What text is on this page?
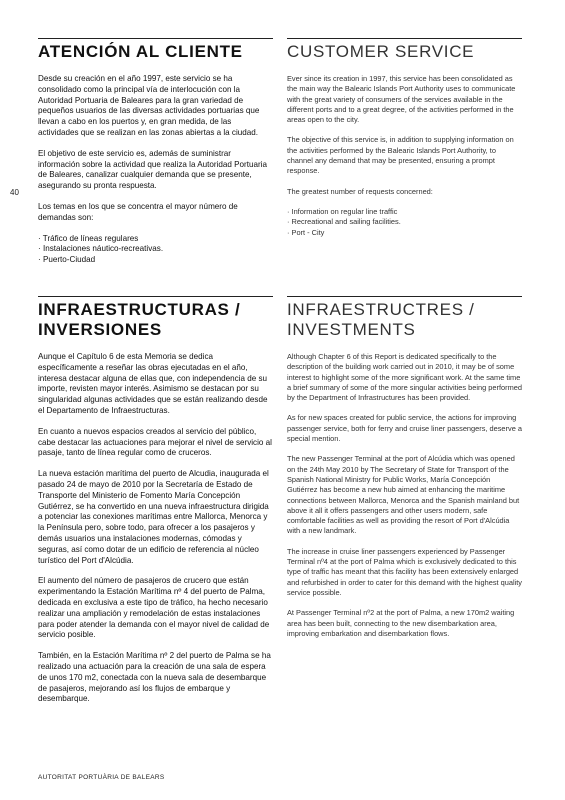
40
ATENCIÓN AL CLIENTE

Desde su creación en el año 1997, este servicio se ha consolidado como la principal vía de interlocución con la Autoridad Portuaria de Baleares para la gran variedad de pequeños usuarios de las diversas actividades portuarias que llevan a cabo en los puertos y, en gran medida, de las actividades que se realizan en las zonas abiertas a la ciudad.

El objetivo de este servicio es, además de suministrar información sobre la actividad que realiza la Autoridad Portuaria de Baleares, canalizar cualquier demanda que se presente, asegurando su pronta respuesta.

Los temas en los que se concentra el mayor número de demandas son:

· Tráfico de líneas regulares
· Instalaciones náutico-recreativas.
· Puerto-Ciudad
CUSTOMER SERVICE

Ever since its creation in 1997, this service has been consolidated as the main way the Balearic Islands Port Authority uses to communicate with the great variety of consumers of the services available in the different ports and to a great degree, of the activities performed in the areas open to the city.

The objective of this service is, in addition to supplying information on the activities performed by the Balearic Islands Port Authority, to channel any demand that may be presented, ensuring a prompt response.

The greatest number of requests concerned:

· Information on regular line traffic
· Recreational and sailing facilities.
· Port - City
INFRAESTRUCTURAS / INVERSIONES

Aunque el Capítulo 6 de esta Memoria se dedica específicamente a reseñar las obras ejecutadas en el año, interesa destacar alguna de ellas que, con independencia de su importe, revisten mayor interés. Asimismo se destacan por su singularidad algunas actividades que se están realizando desde el Departamento de Infraestructuras.

En cuanto a nuevos espacios creados al servicio del público, cabe destacar las actuaciones para mejorar el nivel de servicio al pasaje, tanto de línea regular como de cruceros.

La nueva estación marítima del puerto de Alcudia, inaugurada el pasado 24 de mayo de 2010 por la Secretaría de Estado de Transporte del Ministerio de Fomento María Concepción Gutiérrez, se ha convertido en una nueva infraestructura dirigida a potenciar las conexiones marítimas entre Mallorca, Menorca y la Península pero, sobre todo, para ofrecer a los pasajeros y demás usuarios una instalaciones modernas, cómodas y seguras, así como dotar de un edificio de referencia al núcleo turístico del Port d'Alcúdia.

El aumento del número de pasajeros de crucero que están experimentando la Estación Marítima nº 4 del puerto de Palma, dedicada en exclusiva a este tipo de tráfico, ha hecho necesario realizar una ampliación y remodelación de estas instalaciones para poder atender la demanda con el mayor nivel de calidad de servicio posible.

También, en la Estación Marítima nº 2 del puerto de Palma se ha realizado una actuación para la creación de una sala de espera de unos 170 m2, conectada con la nueva sala de desembarque de pasajeros, mejorando así los flujos de embarque y desembarque.

INFRAESTRUCTRES / INVESTMENTS

Although Chapter 6 of this Report is dedicated specifically to the description of the building work carried out in 2010, it may be of some interest to highlight some of the more significant work. At the same time a brief summary of some of the more singular activities being performed by the Department of Infrastructures has been provided.

As for new spaces created for public service, the actions for improving passenger service, both for ferry and cruise liner passengers, deserve a special mention.

The new Passenger Terminal at the port of Alcúdia which was opened on the 24th May 2010 by The Secretary of State for Transport of the Spanish National Ministry for Public Works, María Concepción Gutiérrez has become a new hub aimed at enhancing the maritime connections between Mallorca, Menorca and the Spanish mainland but above it all it offers passengers and other users modern, safe comfortable facilities as well as providing the resort of Port d'Alcúdia with a new landmark.

The increase in cruise liner passengers experienced by Passenger Terminal nº4 at the port of Palma which is exclusively dedicated to this type of traffic has meant that this facility has been extensively enlarged and refurbished in order to cater for this demand with the highest quality service possible.

At Passenger Terminal nº2 at the port of Palma, a new 170m2 waiting area has been built, connecting to the new disembarkation area, improving embarkation and disembarkation flows.

AUTORITAT PORTUÀRIA DE BALEARS
